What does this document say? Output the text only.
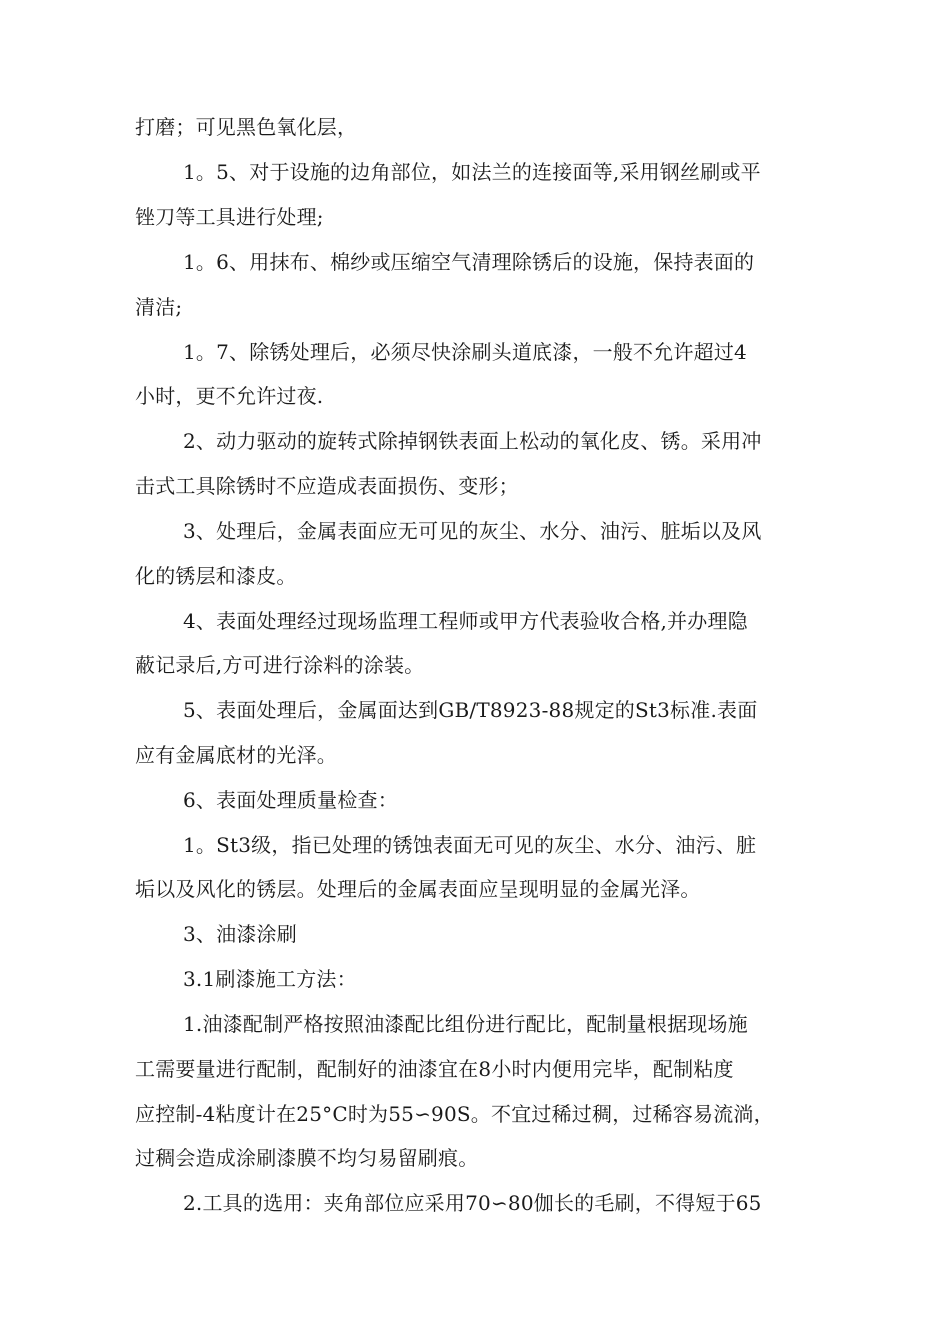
打磨；可见黑色氧化层，
1。5、对于设施的边角部位，如法兰的连接面等,采用钢丝刷或平
锉刀等工具进行处理;
1。6、用抹布、棉纱或压缩空气清理除锈后的设施，保持表面的
清洁;
1。7、除锈处理后，必须尽快涂刷头道底漆，一般不允许超过4
小时，更不允许过夜.
2、动力驱动的旋转式除掉钢铁表面上松动的氧化皮、锈。采用冲
击式工具除锈时不应造成表面损伤、变形；
3、处理后，金属表面应无可见的灰尘、水分、油污、脏垢以及风
化的锈层和漆皮。
4、表面处理经过现场监理工程师或甲方代表验收合格,并办理隐
蔽记录后,方可进行涂料的涂装。
5、表面处理后，金属面达到GB/T8923-88规定的St3标准.表面
应有金属底材的光泽。
6、表面处理质量检查：
1。St3级，指已处理的锈蚀表面无可见的灰尘、水分、油污、脏
垢以及风化的锈层。处理后的金属表面应呈现明显的金属光泽。
3、油漆涂刷
3.1刷漆施工方法：
1.油漆配制严格按照油漆配比组份进行配比，配制量根据现场施
工需要量进行配制，配制好的油漆宜在8小时内便用完毕，配制粘度
应控制-4粘度计在25°C时为55∽90S。不宜过稀过稠，过稀容易流淌，
过稠会造成涂刷漆膜不均匀易留刷痕。
2.工具的选用：夹角部位应采用70∽80伽长的毛刷，不得短于65
